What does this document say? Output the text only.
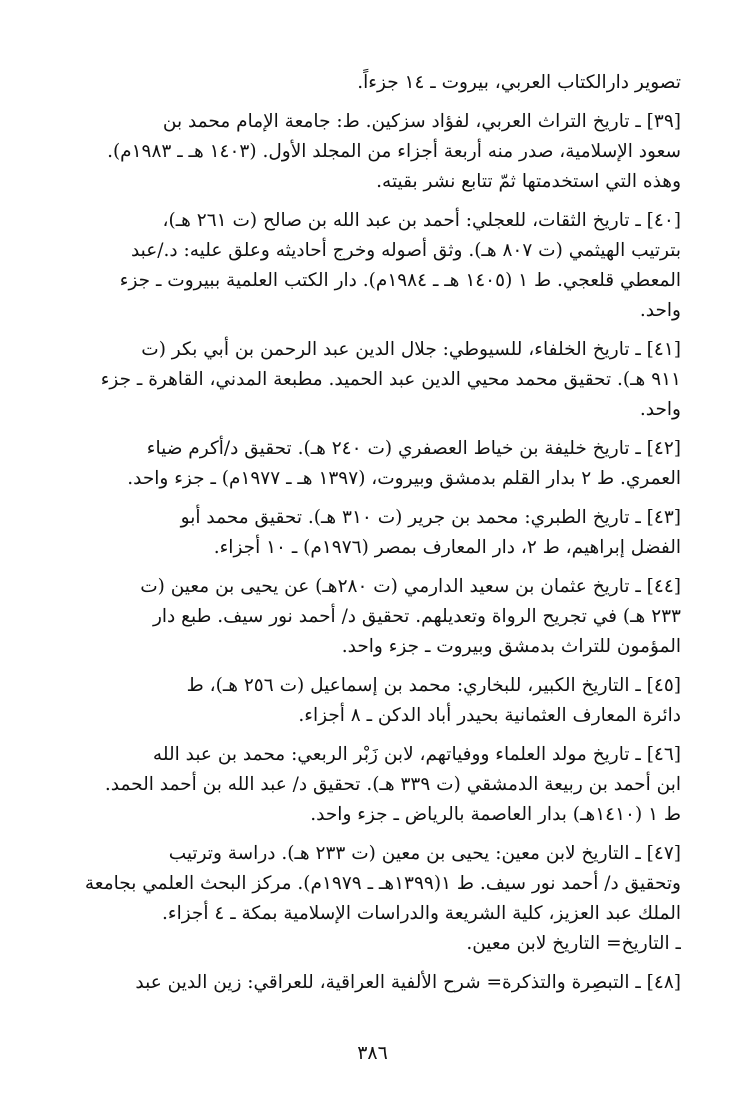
تصوير دارالكتاب العربي، بيروت ـ ١٤ جزءاً.

[٣٩] ـ تاريخ التراث العربي، لفؤاد سزكين. ط: جامعة الإمام محمد بن
سعود الإسلامية، صدر منه أربعة أجزاء من المجلد الأول. (١٤٠٣ هـ ـ ١٩٨٣م).
وهذه التي استخدمتها ثمّ تتابع نشر بقيته.

[٤٠] ـ تاريخ الثقات، للعجلي: أحمد بن عبد الله بن صالح (ت ٢٦١ هـ)،
بترتيب الهيثمي (ت ٨٠٧ هـ). وثق أصوله وخرج أحاديثه وعلق عليه: د./عبد
المعطي قلعجي. ط ١ (١٤٠٥ هـ ـ ١٩٨٤م). دار الكتب العلمية ببيروت ـ جزء
واحد.

[٤١] ـ تاريخ الخلفاء، للسيوطي: جلال الدين عبد الرحمن بن أبي بكر (ت
٩١١ هـ). تحقيق محمد محيي الدين عبد الحميد. مطبعة المدني، القاهرة ـ جزء
واحد.

[٤٢] ـ تاريخ خليفة بن خياط العصفري (ت ٢٤٠ هـ). تحقيق د/أكرم ضياء
العمري. ط ٢ بدار القلم بدمشق وبيروت، (١٣٩٧ هـ ـ ١٩٧٧م) ـ جزء واحد.

[٤٣] ـ تاريخ الطبري: محمد بن جرير (ت ٣١٠ هـ). تحقيق محمد أبو
الفضل إبراهيم، ط ٢، دار المعارف بمصر (١٩٧٦م) ـ ١٠ أجزاء.

[٤٤] ـ تاريخ عثمان بن سعيد الدارمي (ت ٢٨٠هـ) عن يحيى بن معين (ت
٢٣٣ هـ) في تجريح الرواة وتعديلهم. تحقيق د/ أحمد نور سيف. طبع دار
المؤمون للتراث بدمشق وبيروت ـ جزء واحد.

[٤٥] ـ التاريخ الكبير، للبخاري: محمد بن إسماعيل (ت ٢٥٦ هـ)، ط
دائرة المعارف العثمانية بحيدر أباد الدكن ـ ٨ أجزاء.

[٤٦] ـ تاريخ مولد العلماء ووفياتهم، لابن زَبْر الربعي: محمد بن عبد الله
ابن أحمد بن ربيعة الدمشقي (ت ٣٣٩ هـ). تحقيق د/ عبد الله بن أحمد الحمد.
ط ١ (١٤١٠هـ) بدار العاصمة بالرياض ـ جزء واحد.

[٤٧] ـ التاريخ لابن معين: يحيى بن معين (ت ٢٣٣ هـ). دراسة وترتيب
وتحقيق د/ أحمد نور سيف. ط ١(١٣٩٩هـ ـ ١٩٧٩م). مركز البحث العلمي بجامعة
الملك عبد العزيز، كلية الشريعة والدراسات الإسلامية بمكة ـ ٤ أجزاء.
ـ التاريخ= التاريخ لابن معين.

[٤٨] ـ التبصِرة والتذكرة= شرح الألفية العراقية، للعراقي: زين الدين عبد

٣٨٦
